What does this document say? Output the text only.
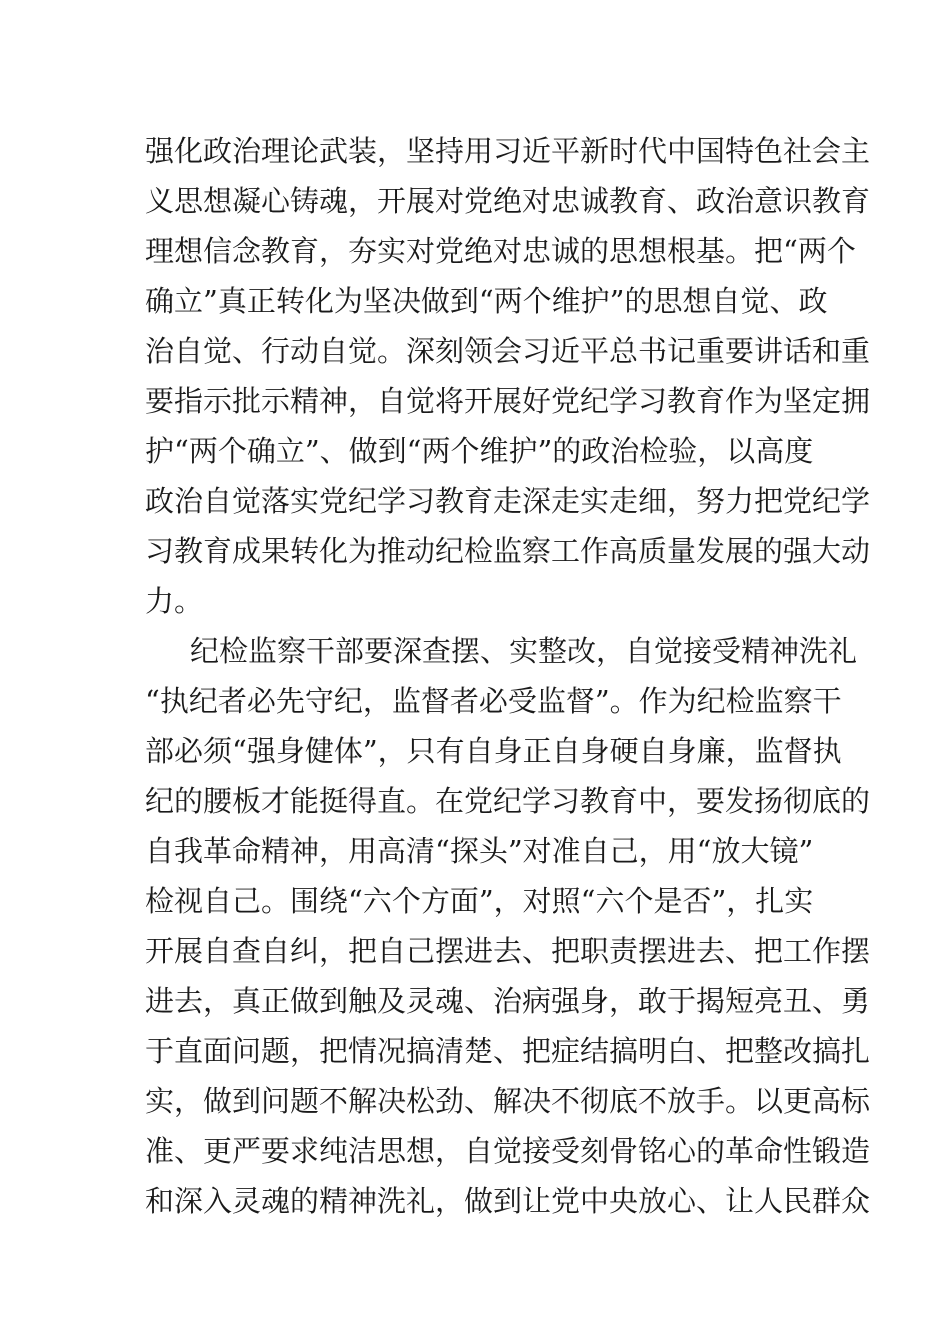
强化政治理论武装，坚持用习近平新时代中国特色社会主
义思想凝心铸魂，开展对党绝对忠诚教育、政治意识教育
理想信念教育，夯实对党绝对忠诚的思想根基。把“两个
确立”真正转化为坚决做到“两个维护”的思想自觉、政
治自觉、行动自觉。深刻领会习近平总书记重要讲话和重
要指示批示精神，自觉将开展好党纪学习教育作为坚定拥
护“两个确立”、做到“两个维护”的政治检验，以高度
政治自觉落实党纪学习教育走深走实走细，努力把党纪学
习教育成果转化为推动纪检监察工作高质量发展的强大动
力。
纪检监察干部要深查摆、实整改，自觉接受精神洗礼
“执纪者必先守纪，监督者必受监督”。作为纪检监察干
部必须“强身健体”，只有自身正自身硬自身廉，监督执
纪的腰板才能挺得直。在党纪学习教育中，要发扬彻底的
自我革命精神，用高清“探头”对准自己，用“放大镜”
检视自己。围绕“六个方面”，对照“六个是否”，扎实
开展自查自纠，把自己摆进去、把职责摆进去、把工作摆
进去，真正做到触及灵魂、治病强身，敢于揭短亮丑、勇
于直面问题，把情况搞清楚、把症结搞明白、把整改搞扎
实，做到问题不解决松劲、解决不彻底不放手。以更高标
准、更严要求纯洁思想，自觉接受刻骨铭心的革命性锻造
和深入灵魂的精神洗礼，做到让党中央放心、让人民群众
